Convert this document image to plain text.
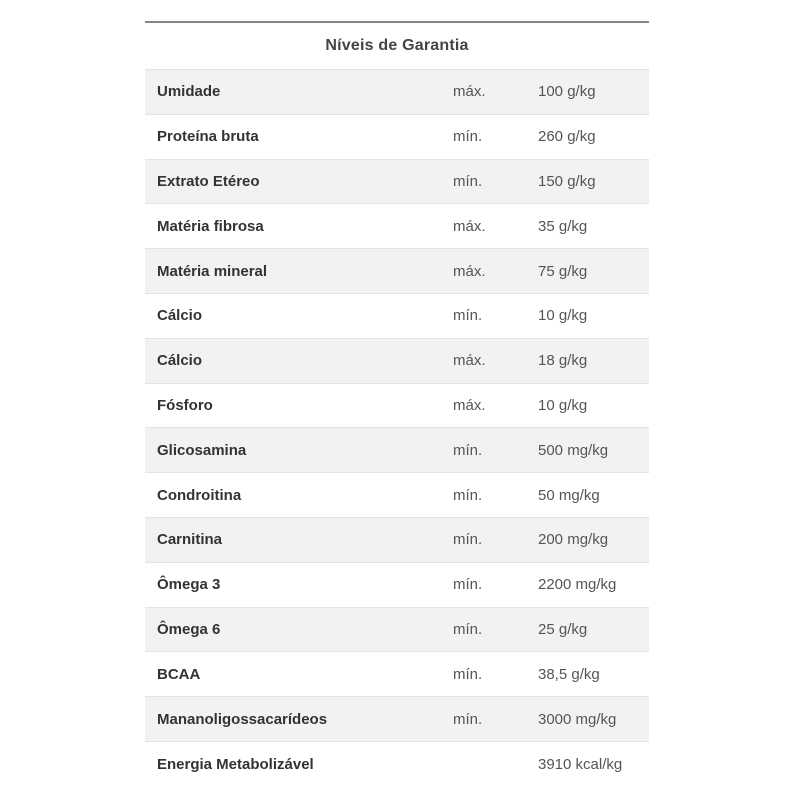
Níveis de Garantia
Umidade	máx.	100 g/kg
Proteína bruta	mín.	260 g/kg
Extrato Etéreo	mín.	150 g/kg
Matéria fibrosa	máx.	35 g/kg
Matéria mineral	máx.	75 g/kg
Cálcio	mín.	10 g/kg
Cálcio	máx.	18 g/kg
Fósforo	máx.	10 g/kg
Glicosamina	mín.	500 mg/kg
Condroitina	mín.	50 mg/kg
Carnitina	mín.	200 mg/kg
Ômega 3	mín.	2200 mg/kg
Ômega 6	mín.	25 g/kg
BCAA	mín.	38,5 g/kg
Mananoligossacarídeos	mín.	3000 mg/kg
Energia Metabolizável		3910 kcal/kg
